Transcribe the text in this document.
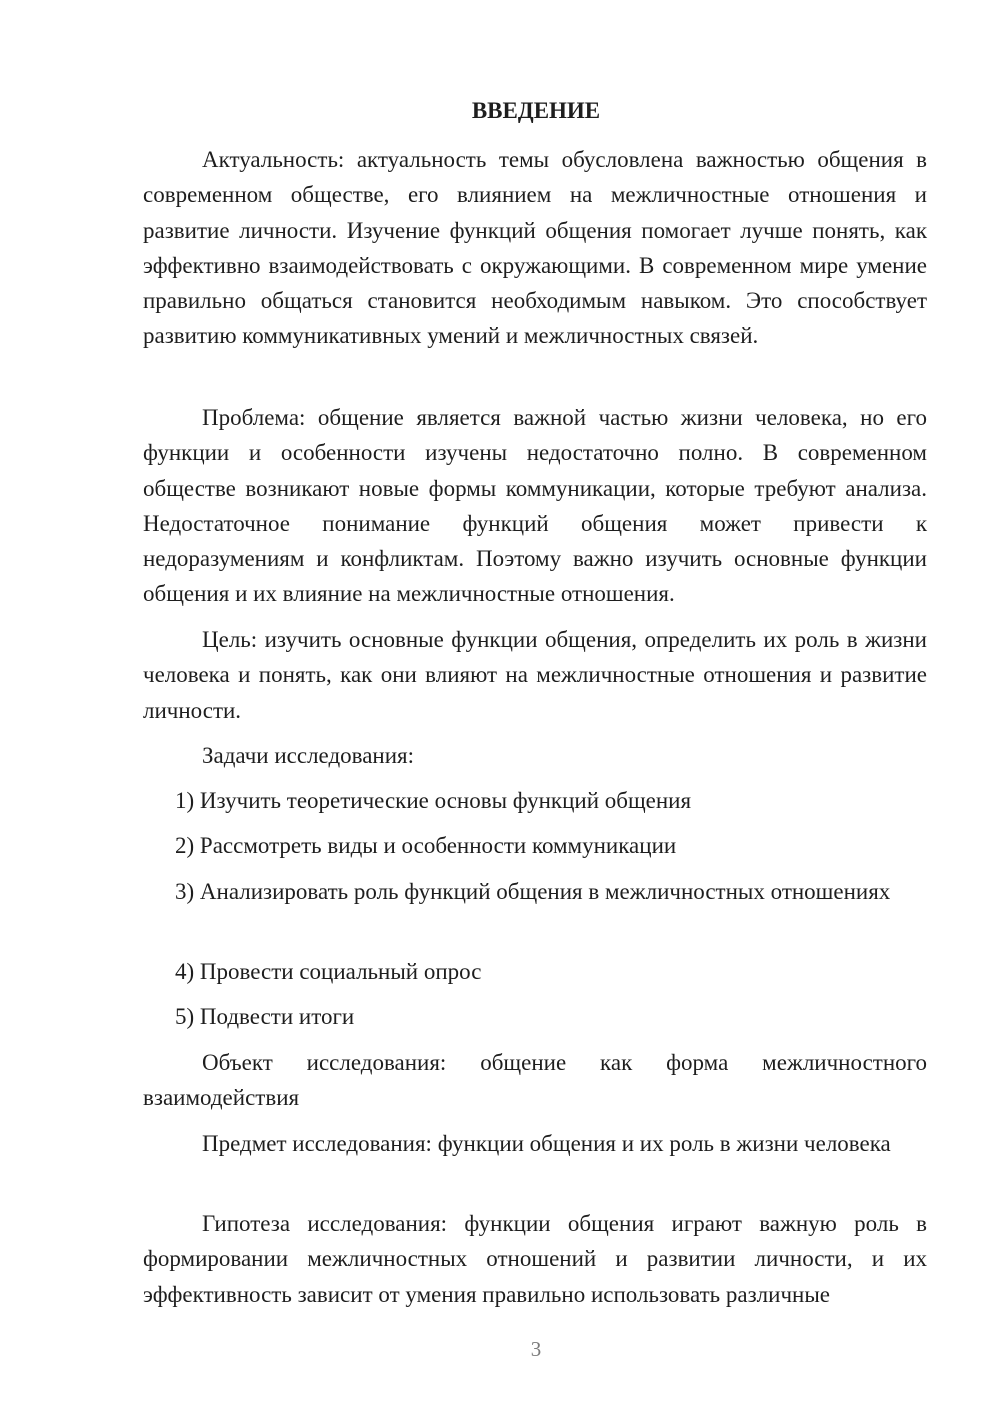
ВВЕДЕНИЕ
Актуальность: актуальность темы обусловлена важностью общения в современном обществе, его влиянием на межличностные отношения и развитие личности. Изучение функций общения помогает лучше понять, как эффективно взаимодействовать с окружающими. В современном мире умение правильно общаться становится необходимым навыком. Это способствует развитию коммуникативных умений и межличностных связей.
Проблема: общение является важной частью жизни человека, но его функции и особенности изучены недостаточно полно. В современном обществе возникают новые формы коммуникации, которые требуют анализа. Недостаточное понимание функций общения может привести к недоразумениям и конфликтам. Поэтому важно изучить основные функции общения и их влияние на межличностные отношения.
Цель: изучить основные функции общения, определить их роль в жизни человека и понять, как они влияют на межличностные отношения и развитие личности.
Задачи исследования:
1) Изучить теоретические основы функций общения
2) Рассмотреть виды и особенности коммуникации
3) Анализировать роль функций общения в межличностных отношениях
4) Провести социальный опрос
5) Подвести итоги
Объект исследования: общение как форма межличностного взаимодействия
Предмет исследования: функции общения и их роль в жизни человека
Гипотеза исследования: функции общения играют важную роль в формировании межличностных отношений и развитии личности, и их эффективность зависит от умения правильно использовать различные
3
